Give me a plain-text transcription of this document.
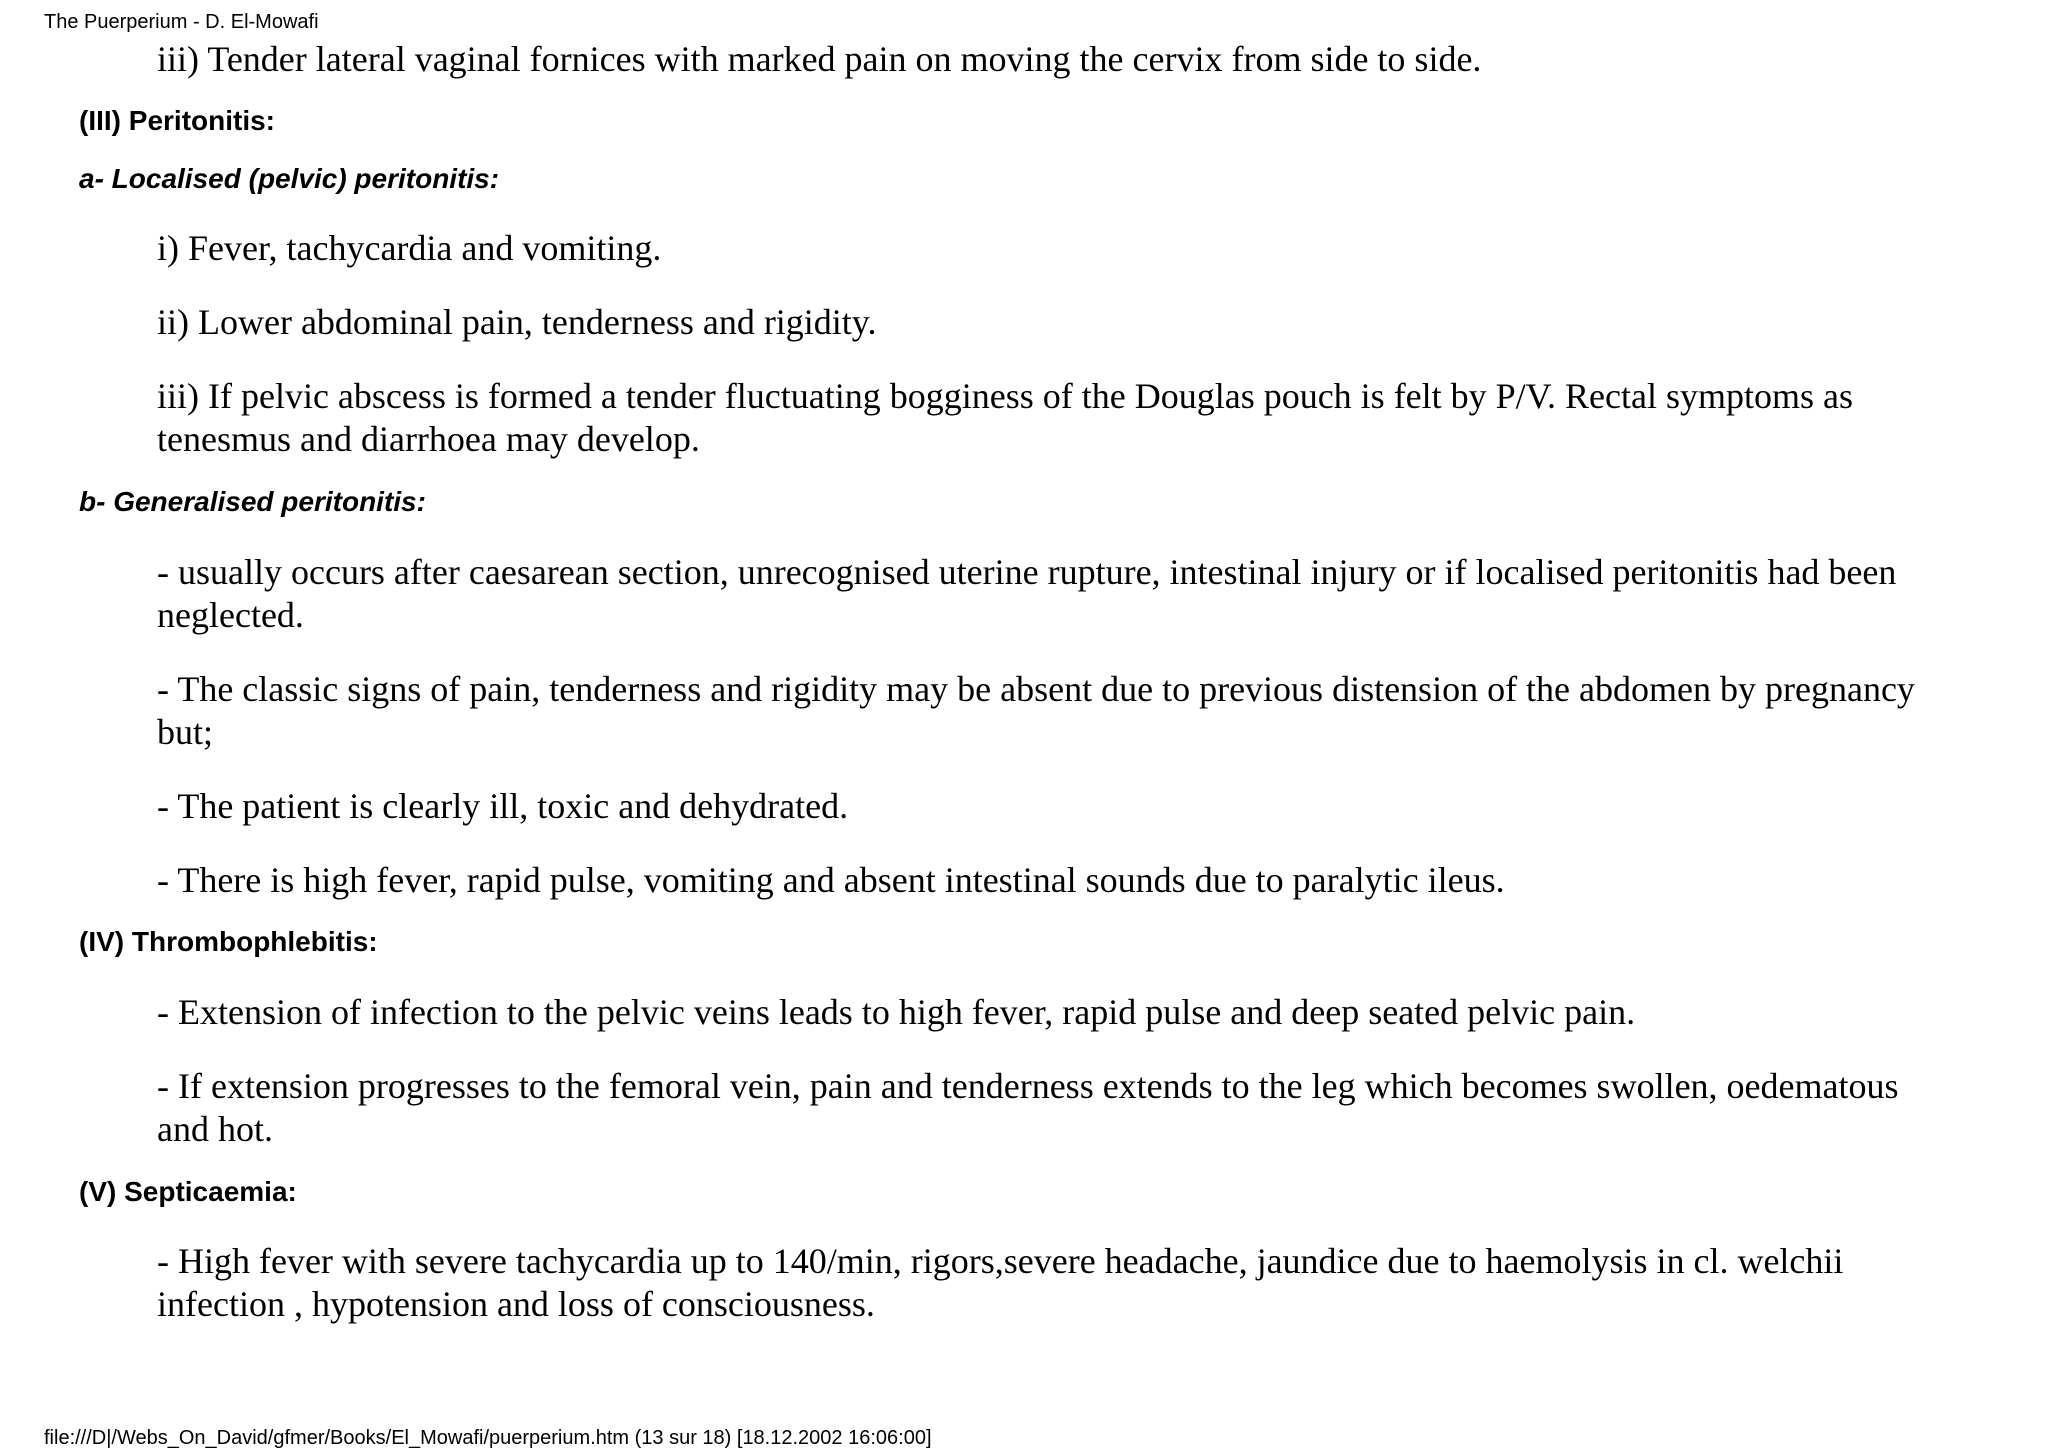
The Puerperium - D. El-Mowafi

iii) Tender lateral vaginal fornices with marked pain on moving the cervix from side to side.

(III) Peritonitis:
a- Localised (pelvic) peritonitis:

i) Fever, tachycardia and vomiting.

ii) Lower abdominal pain, tenderness and rigidity.

iii) If pelvic abscess is formed a tender fluctuating bogginess of the Douglas pouch is felt by P/V. Rectal symptoms as tenesmus and diarrhoea may develop.

b- Generalised peritonitis:

- usually occurs after caesarean section, unrecognised uterine rupture, intestinal injury or if localised peritonitis had been neglected.

- The classic signs of pain, tenderness and rigidity may be absent due to previous distension of the abdomen by pregnancy but;

- The patient is clearly ill, toxic and dehydrated.

- There is high fever, rapid pulse, vomiting and absent intestinal sounds due to paralytic ileus.

(IV) Thrombophlebitis:

- Extension of infection to the pelvic veins leads to high fever, rapid pulse and deep seated pelvic pain.

- If extension progresses to the femoral vein, pain and tenderness extends to the leg which becomes swollen, oedematous and hot.

(V) Septicaemia:

- High fever with severe tachycardia up to 140/min, rigors,severe headache, jaundice due to haemolysis in cl. welchii infection , hypotension and loss of consciousness.

file:///D|/Webs_On_David/gfmer/Books/El_Mowafi/puerperium.htm (13 sur 18) [18.12.2002 16:06:00]
